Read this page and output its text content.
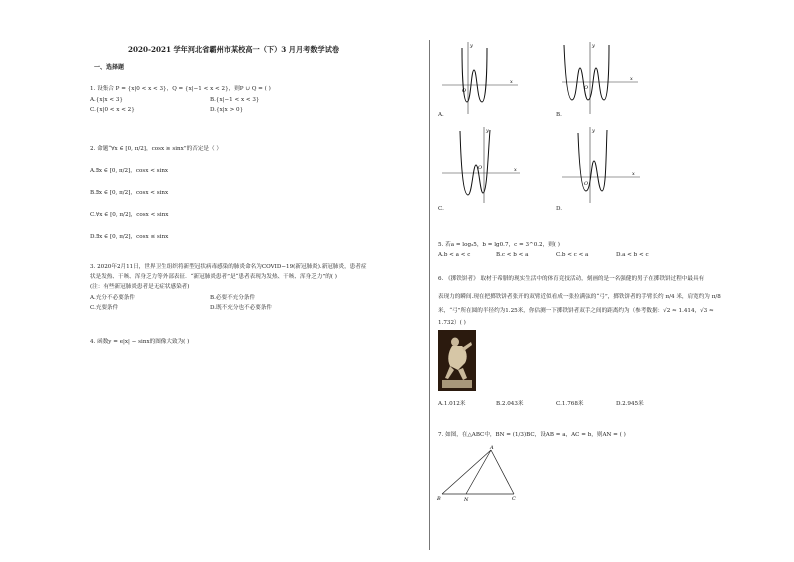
2020-2021 学年河北省霸州市某校高一（下）3 月月考数学试卷
一、选择题
1. 设集合 P = {x|0 < x < 3}，Q = {x|−1 < x < 2}，则P ∪ Q = ( )
A.{x|x < 3}	B.{x|−1 < x < 3}
C.{x|0 < x < 2}	D.{x|x > 0}
2. 命题“∀x ∈ [0, π/2]，cosx ≥ sinx”的否定是（ ）
A.∃x ∈ [0, π/2]，cosx < sinx
B.∃x ∈ [0, π/2]，cosx < sinx
C.∀x ∈ [0, π/2]，cosx < sinx
D.∃x ∈ [0, π/2]，cosx ≤ sinx
3. 2020年2月11日，世界卫生组织将新型冠状病毒感染的肺炎命名为COVID−19(新冠肺炎).新冠肺炎，患者症
状是发热、干咳、浑身乏力等外部表征．“新冠肺炎患者”是“患者表现为发热、干咳、浑身乏力”的( )
(注：有些新冠肺炎患者是无症状感染者)
A.充分不必要条件	B.必要不充分条件
C.充要条件	D.既不充分也不必要条件
4. 函数y = e|x| − sinx的图像大致为( )
x
y
O
A.
x
y
O
B.
x
y
O
C.
x
y
O
D.
5. 若a = log₃5，b = lg0.7，c = 3^0.2，则( )
A.b < a < c	B.c < b < a	C.b < c < a	D.a < b < c
6. 《掷铁饼者》 取材于希腊的现实生活中的体育竞技活动，刻画的是一名强健的男子在掷铁饼过程中最具有
表现力的瞬间.现在把掷铁饼者张开的双臂近似看成一张拉满弦的“弓”，掷铁饼者的手臂长约 π/4 米，肩宽约为 π/8
米，“弓”所在圆的半径约为1.25米，你估测一下掷铁饼者双手之间的距离约为（参考数据：√2 ≈ 1.414，√3 ≈
1.732）( )
A.1.012米	B.2.043米	C.1.768米	D.2.945米
7. 如图，在△ABC中，BN = (1/3)BC，设AB = a，AC = b，则AN = ( )
A
B	N	C
